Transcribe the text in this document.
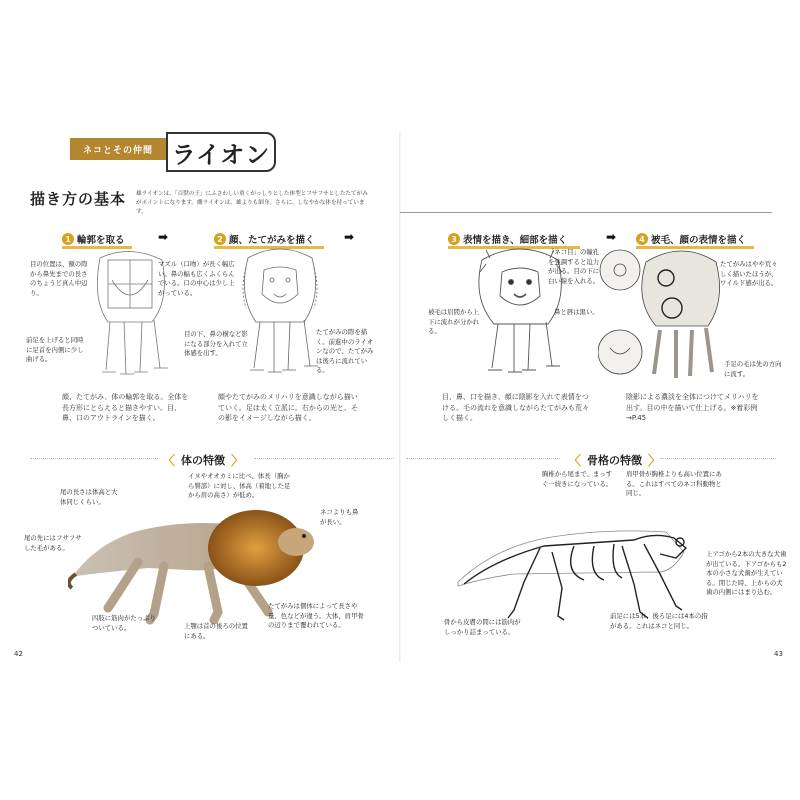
ネコとその仲間 ライオン
描き方の基本 雄ライオンは、「百獣の王」にふさわしい重くがっしりとした体型とフサフサとしたたてがみがポイントになります。雌ライオンは、雄よりも細身。さらに、しなやかな体を持っています。
1 輪郭を取る	➡	2 顔、たてがみを描く ➡
目の位置は、額の際から鼻先までの長さのちょうど真ん中辺り。
前足を上げると同時に足首を内側に少し曲げる。
マズル（口吻）が長く幅広い。鼻の幅も広くふくらんでいる。口の中心は少し上がっている。
目の下、鼻の横など影になる部分を入れて立体感を出す。
たてがみの際を描く。前進中のライオンなので、たてがみは後ろに流れている。
顔、たてがみ、体の輪郭を取る。全体を長方形にとらえると描きやすい。目、鼻、口のアウトラインを描く。
顔やたてがみのメリハリを意識しながら描いていく。足は太く立派に。右からの光と、その影をイメージしながら描く。
〈 体の特徴 〉
尾の長さは体高と大体同じくらい。
尾の先にはフサフサした毛がある。
イヌやオオカミに比べ、体長（胸から臀部）に対し、体高（着地した足から肩の高さ）が低め。
ネコよりも鼻が長い。
四肢に筋肉がたっぷりついている。	上顎は首の後ろの位置にある。
たてがみは個体によって長さや量、色などが違う。大体、肩甲骨の辺りまで覆われている。
42
3 表情を描き、細部を描く	➡	4 被毛、顔の表情を描く
「ネコ目」の瞳孔を強調すると迫力が出る。目の下に白い線を入れる。
鼻と唇は黒い。
被毛は眉間から上下に流れが分かれる。
たてがみはやや荒々しく描いたほうが、ワイルド感が出る。
手足の毛は先の方向に流す。
目、鼻、口を描き、顔に陰影を入れて表情をつける。毛の流れを意識しながらたてがみも荒々しく描く。
陰影による濃淡を全体につけてメリハリを出す。目の中を描いて仕上げる。※着彩例→P.45
〈 骨格の特徴 〉
胸椎から尾まで、まっすぐ一続きになっている。
肩甲骨が胸椎よりも高い位置にある。これはすべてのネコ科動物と同じ。
上アゴから2本の大きな犬歯が出ている。下アゴからも2本の小さな犬歯が生えている。閉じた時、上からの犬歯の内側にはまり込む。
前足には5本、後ろ足には4本の指がある。これはネコと同じ。
骨から皮膚の間には筋肉がしっかり詰まっている。
43
